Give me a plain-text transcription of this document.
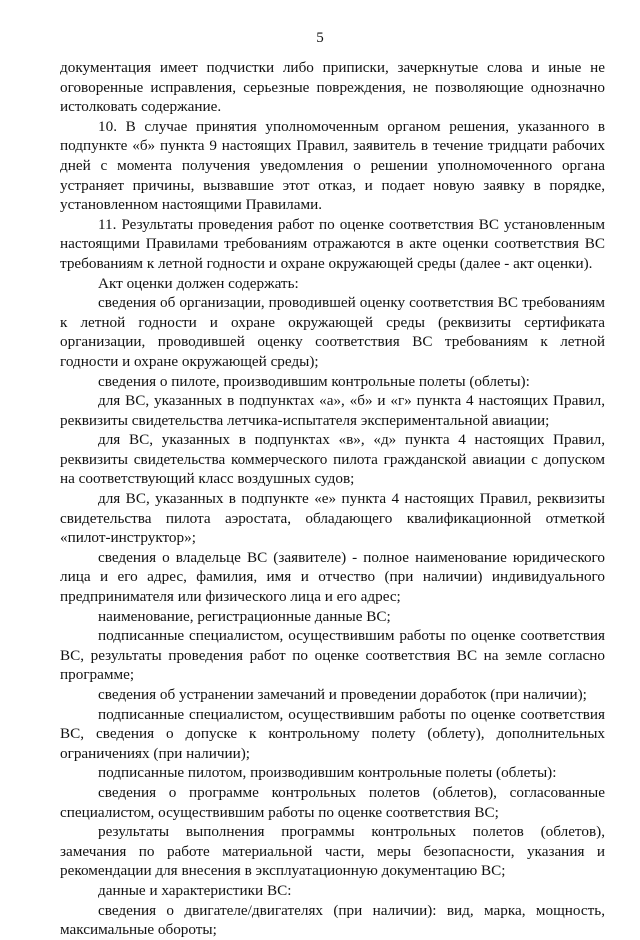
5

документация имеет подчистки либо приписки, зачеркнутые слова и иные не оговоренные исправления, серьезные повреждения, не позволяющие однозначно истолковать содержание.

10. В случае принятия уполномоченным органом решения, указанного в подпункте «б» пункта 9 настоящих Правил, заявитель в течение тридцати рабочих дней с момента получения уведомления о решении уполномоченного органа устраняет причины, вызвавшие этот отказ, и подает новую заявку в порядке, установленном настоящими Правилами.

11. Результаты проведения работ по оценке соответствия ВС установленным настоящими Правилами требованиям отражаются в акте оценки соответствия ВС требованиям к летной годности и охране окружающей среды (далее - акт оценки).

Акт оценки должен содержать:

сведения об организации, проводившей оценку соответствия ВС требованиям к летной годности и охране окружающей среды (реквизиты сертификата организации, проводившей оценку соответствия ВС требованиям к летной годности и охране окружающей среды);

сведения о пилоте, производившим контрольные полеты (облеты):

для ВС, указанных в подпунктах «а», «б» и «г» пункта 4 настоящих Правил, реквизиты свидетельства летчика-испытателя экспериментальной авиации;

для ВС, указанных в подпунктах «в», «д» пункта 4 настоящих Правил, реквизиты свидетельства коммерческого пилота гражданской авиации с допуском на соответствующий класс воздушных судов;

для ВС, указанных в подпункте «е» пункта 4 настоящих Правил, реквизиты свидетельства пилота аэростата, обладающего квалификационной отметкой «пилот-инструктор»;

сведения о владельце ВС (заявителе) - полное наименование юридического лица и его адрес, фамилия, имя и отчество (при наличии) индивидуального предпринимателя или физического лица и его адрес;

наименование, регистрационные данные ВС;

подписанные специалистом, осуществившим работы по оценке соответствия ВС, результаты проведения работ по оценке соответствия ВС на земле согласно программе;

сведения об устранении замечаний и проведении доработок (при наличии);

подписанные специалистом, осуществившим работы по оценке соответствия ВС, сведения о допуске к контрольному полету (облету), дополнительных ограничениях (при наличии);

подписанные пилотом, производившим контрольные полеты (облеты):

сведения о программе контрольных полетов (облетов), согласованные специалистом, осуществившим работы по оценке соответствия ВС;

результаты выполнения программы контрольных полетов (облетов), замечания по работе материальной части, меры безопасности, указания и рекомендации для внесения в эксплуатационную документацию ВС;

данные и характеристики ВС:

сведения о двигателе/двигателях (при наличии): вид, марка, мощность, максимальные обороты;
